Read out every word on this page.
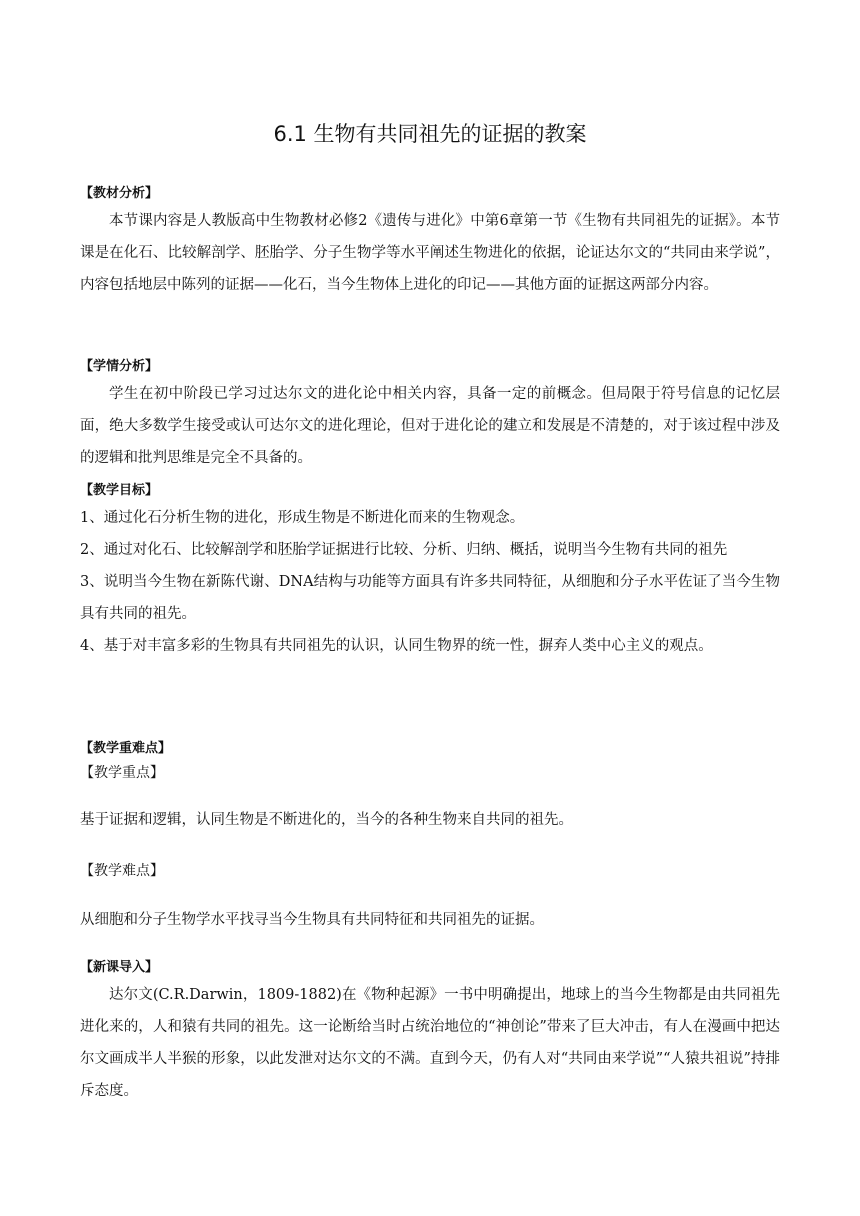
6.1 生物有共同祖先的证据的教案

【教材分析】

本节课内容是人教版高中生物教材必修2《遗传与进化》中第6章第一节《生物有共同祖先的证据》。本节课是在化石、比较解剖学、胚胎学、分子生物学等水平阐述生物进化的依据，论证达尔文的“共同由来学说”，内容包括地层中陈列的证据——化石，当今生物体上进化的印记——其他方面的证据这两部分内容。

【学情分析】

学生在初中阶段已学习过达尔文的进化论中相关内容，具备一定的前概念。但局限于符号信息的记忆层面，绝大多数学生接受或认可达尔文的进化理论，但对于进化论的建立和发展是不清楚的，对于该过程中涉及的逻辑和批判思维是完全不具备的。

【教学目标】

1、通过化石分析生物的进化，形成生物是不断进化而来的生物观念。

2、通过对化石、比较解剖学和胚胎学证据进行比较、分析、归纳、概括，说明当今生物有共同的祖先

3、说明当今生物在新陈代谢、DNA结构与功能等方面具有许多共同特征，从细胞和分子水平佐证了当今生物具有共同的祖先。

4、基于对丰富多彩的生物具有共同祖先的认识，认同生物界的统一性，摒弃人类中心主义的观点。

【教学重难点】

【教学重点】

基于证据和逻辑，认同生物是不断进化的，当今的各种生物来自共同的祖先。

【教学难点】

从细胞和分子生物学水平找寻当今生物具有共同特征和共同祖先的证据。

【新课导入】

达尔文(C.R.Darwin，1809-1882)在《物种起源》一书中明确提出，地球上的当今生物都是由共同祖先进化来的，人和猿有共同的祖先。这一论断给当时占统治地位的“神创论”带来了巨大冲击，有人在漫画中把达尔文画成半人半猴的形象，以此发泄对达尔文的不满。直到今天，仍有人对“共同由来学说”“人猿共祖说”持排斥态度。
